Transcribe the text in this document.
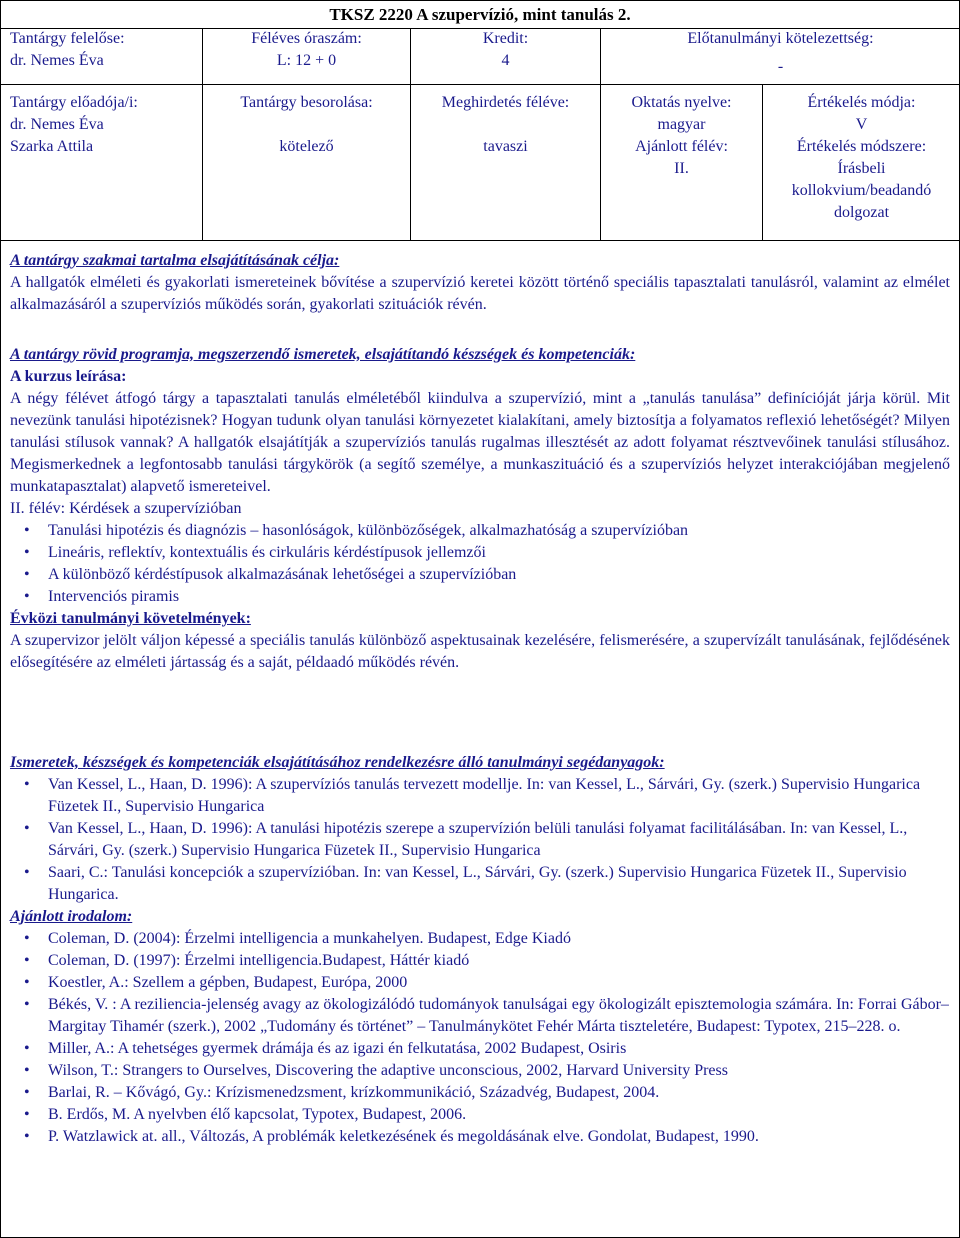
TKSZ 2220 A szupervízió, mint tanulás 2.
Tantárgy felelőse:
dr. Nemes Éva
Féléves óraszám:
L: 12 + 0
Kredit:
4
Előtanulmányi kötelezettség:
-
Tantárgy előadója/i:
dr. Nemes Éva
Szarka Attila
Tantárgy besorolása:
kötelező
Meghirdetés féléve:
tavaszi
Oktatás nyelve:
magyar
Ajánlott félév:
II.
Értékelés módja:
V
Értékelés módszere:
Írásbeli
kollokvium/beadandó
dolgozat
A tantárgy szakmai tartalma elsajátításának célja:
A hallgatók elméleti és gyakorlati ismereteinek bővítése a szupervízió keretei között történő speciális tapasztalati tanulásról, valamint az elmélet alkalmazásáról a szupervíziós működés során, gyakorlati szituációk révén.
A tantárgy rövid programja, megszerzendő ismeretek, elsajátítandó készségek és kompetenciák:
A kurzus leírása:
A négy félévet átfogó tárgy a tapasztalati tanulás elméletéből kiindulva a szupervízió, mint a „tanulás tanulása” definícióját járja körül. Mit nevezünk tanulási hipotézisnek? Hogyan tudunk olyan tanulási környezetet kialakítani, amely biztosítja a folyamatos reflexió lehetőségét? Milyen tanulási stílusok vannak? A hallgatók elsajátítják a szupervíziós tanulás rugalmas illesztését az adott folyamat résztvevőinek tanulási stílusához. Megismerkednek a legfontosabb tanulási tárgykörök (a segítő személye, a munkaszituáció és a szupervíziós helyzet interakciójában megjelenő munkatapasztalat) alapvető ismereteivel.
II. félév: Kérdések a szupervízióban
• Tanulási hipotézis és diagnózis – hasonlóságok, különbözőségek, alkalmazhatóság a szupervízióban
• Lineáris, reflektív, kontextuális és cirkuláris kérdéstípusok jellemzői
• A különböző kérdéstípusok alkalmazásának lehetőségei a szupervízióban
• Intervenciós piramis
Évközi tanulmányi követelmények:
A szupervizor jelölt váljon képessé a speciális tanulás különböző aspektusainak kezelésére, felismerésére, a szupervízált tanulásának, fejlődésének elősegítésére az elméleti jártasság és a saját, példaadó működés révén.
Ismeretek, készségek és kompetenciák elsajátításához rendelkezésre álló tanulmányi segédanyagok:
• Van Kessel, L., Haan, D. 1996): A szupervíziós tanulás tervezett modellje. In: van Kessel, L., Sárvári, Gy. (szerk.) Supervisio Hungarica Füzetek II., Supervisio Hungarica
• Van Kessel, L., Haan, D. 1996): A tanulási hipotézis szerepe a szupervízión belüli tanulási folyamat facilitálásában. In: van Kessel, L., Sárvári, Gy. (szerk.) Supervisio Hungarica Füzetek II., Supervisio Hungarica
• Saari, C.: Tanulási koncepciók a szupervízióban. In: van Kessel, L., Sárvári, Gy. (szerk.) Supervisio Hungarica Füzetek II., Supervisio Hungarica.
Ajánlott irodalom:
• Coleman, D. (2004): Érzelmi intelligencia a munkahelyen. Budapest, Edge Kiadó
• Coleman, D. (1997): Érzelmi intelligencia.Budapest, Háttér kiadó
• Koestler, A.: Szellem a gépben, Budapest, Európa, 2000
• Békés, V. : A reziliencia-jelenség avagy az ökologizálódó tudományok tanulságai egy ökologizált episztemologia számára. In: Forrai Gábor–Margitay Tihamér (szerk.), 2002 „Tudomány és történet” – Tanulmánykötet Fehér Márta tiszteletére, Budapest: Typotex, 215–228. o.
• Miller, A.: A tehetséges gyermek drámája és az igazi én felkutatása, 2002 Budapest, Osiris
• Wilson, T.: Strangers to Ourselves, Discovering the adaptive unconscious, 2002, Harvard University Press
• Barlai, R. – Kővágó, Gy.: Krízismenedzsment, krízkommunikáció, Századvég, Budapest, 2004.
• B. Erdős, M. A nyelvben élő kapcsolat, Typotex, Budapest, 2006.
• P. Watzlawick at. all., Változás, A problémák keletkezésének és megoldásának elve. Gondolat, Budapest, 1990.
